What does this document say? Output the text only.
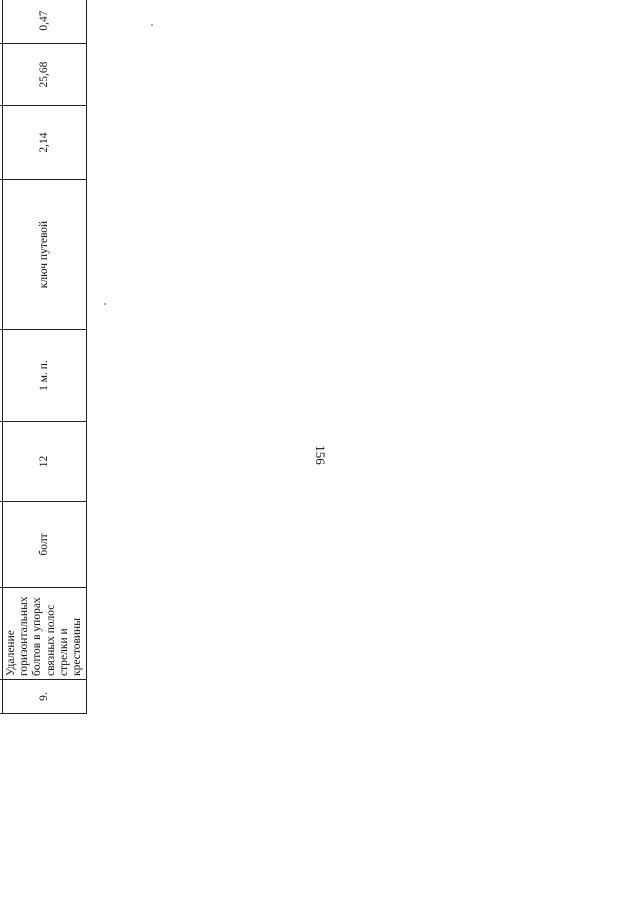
156

9.	Удаление горизонтальных болтов в упорах связных полос стрелки и крестовины	болт	12	1 м. п.	ключ путевой	2,14	25,68	0,47
